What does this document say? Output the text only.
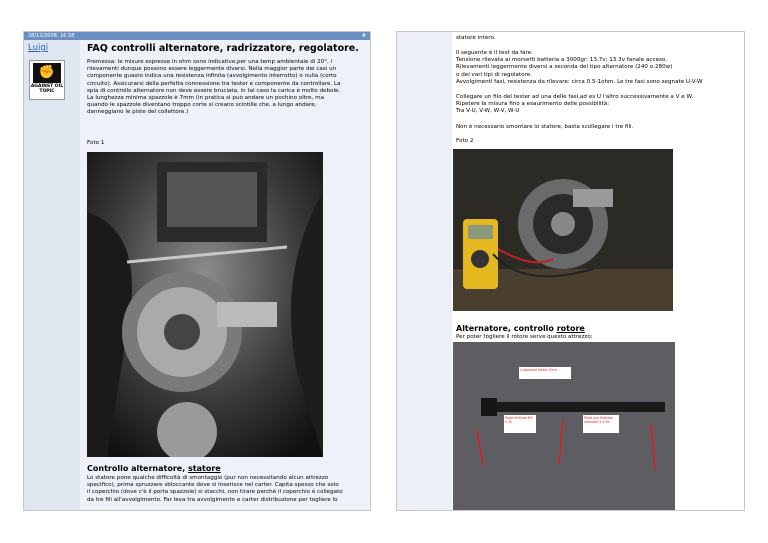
28/12/2008, 16.58	#
Luigi
✊
AGAINST OIL TOPIC
FAQ controlli alternatore, radrizzatore, regolatore.
Premessa: le misure espresse in ohm sono indicative,per una temp ambientale di 20°, i
rilevamenti dunque possono essere leggermente diversi. Nella maggior parte dei casi un
componente guasto indica una resistenza infinita (avvolgimento interrotto) o nulla (corto
circuito). Assicurarsi della perfetta connessione tra tester e componente da controllare. La
spia di controllo alternatore non deve essere bruciata, in tal caso la carica è molto debole.
La lunghezza minima spazzole è 7mm (in pratica si può andare un pochino oltre, ma
quando le spazzole diventano troppo corte si creano scintille che, a lungo andare,
danneggiano le piste del collettore.)
Foto 1
Controllo alternatore, statore
Lo statore pone qualche difficoltà di smontaggio (pur non necessitando alcun attrezzo
specifico), prima spruzzare sbloccante dove si inserisce nel carter. Capita spesso che solo
il coperchio (dove c'è il porta spazzole) si stacchi, non tirare perché il coperchio è collegato
da tre fili all'avvolgimento. Far leva tra avvolgimento e carter distribuzione per togliere lo
statore intero.
Il seguente è il test da fare.
Tensione rilevata ai morsetti batteria a 3000gr: 13.7v; 13.3v fanale acceso.
Rilevamenti leggermente diversi a seconda del tipo alternatore (240 o 280w)
o dei vari tipi di regolatore.
Avvolgimenti fasi, resistenza da rilevare: circa 0.5-1ohm. Le tre fasi sono segnate U-V-W
Collegare un filo del tester ad una delle fasi,ad es U l'altro successivamente a V e W.
Ripetere la misura fino a esaurimento delle possibilità:
Tra V-U, V-W, W-V, W-U
Non è necessario smontare lo statore, basta scollegare i tre fili.
Foto 2
Alternatore, controllo rotore
Per poter togliere il rotore serve questo attrezzo:
Lunghezza totale 10cm
Parte filettata M5 x 35
Parte non filettata diametro 5 X 60
